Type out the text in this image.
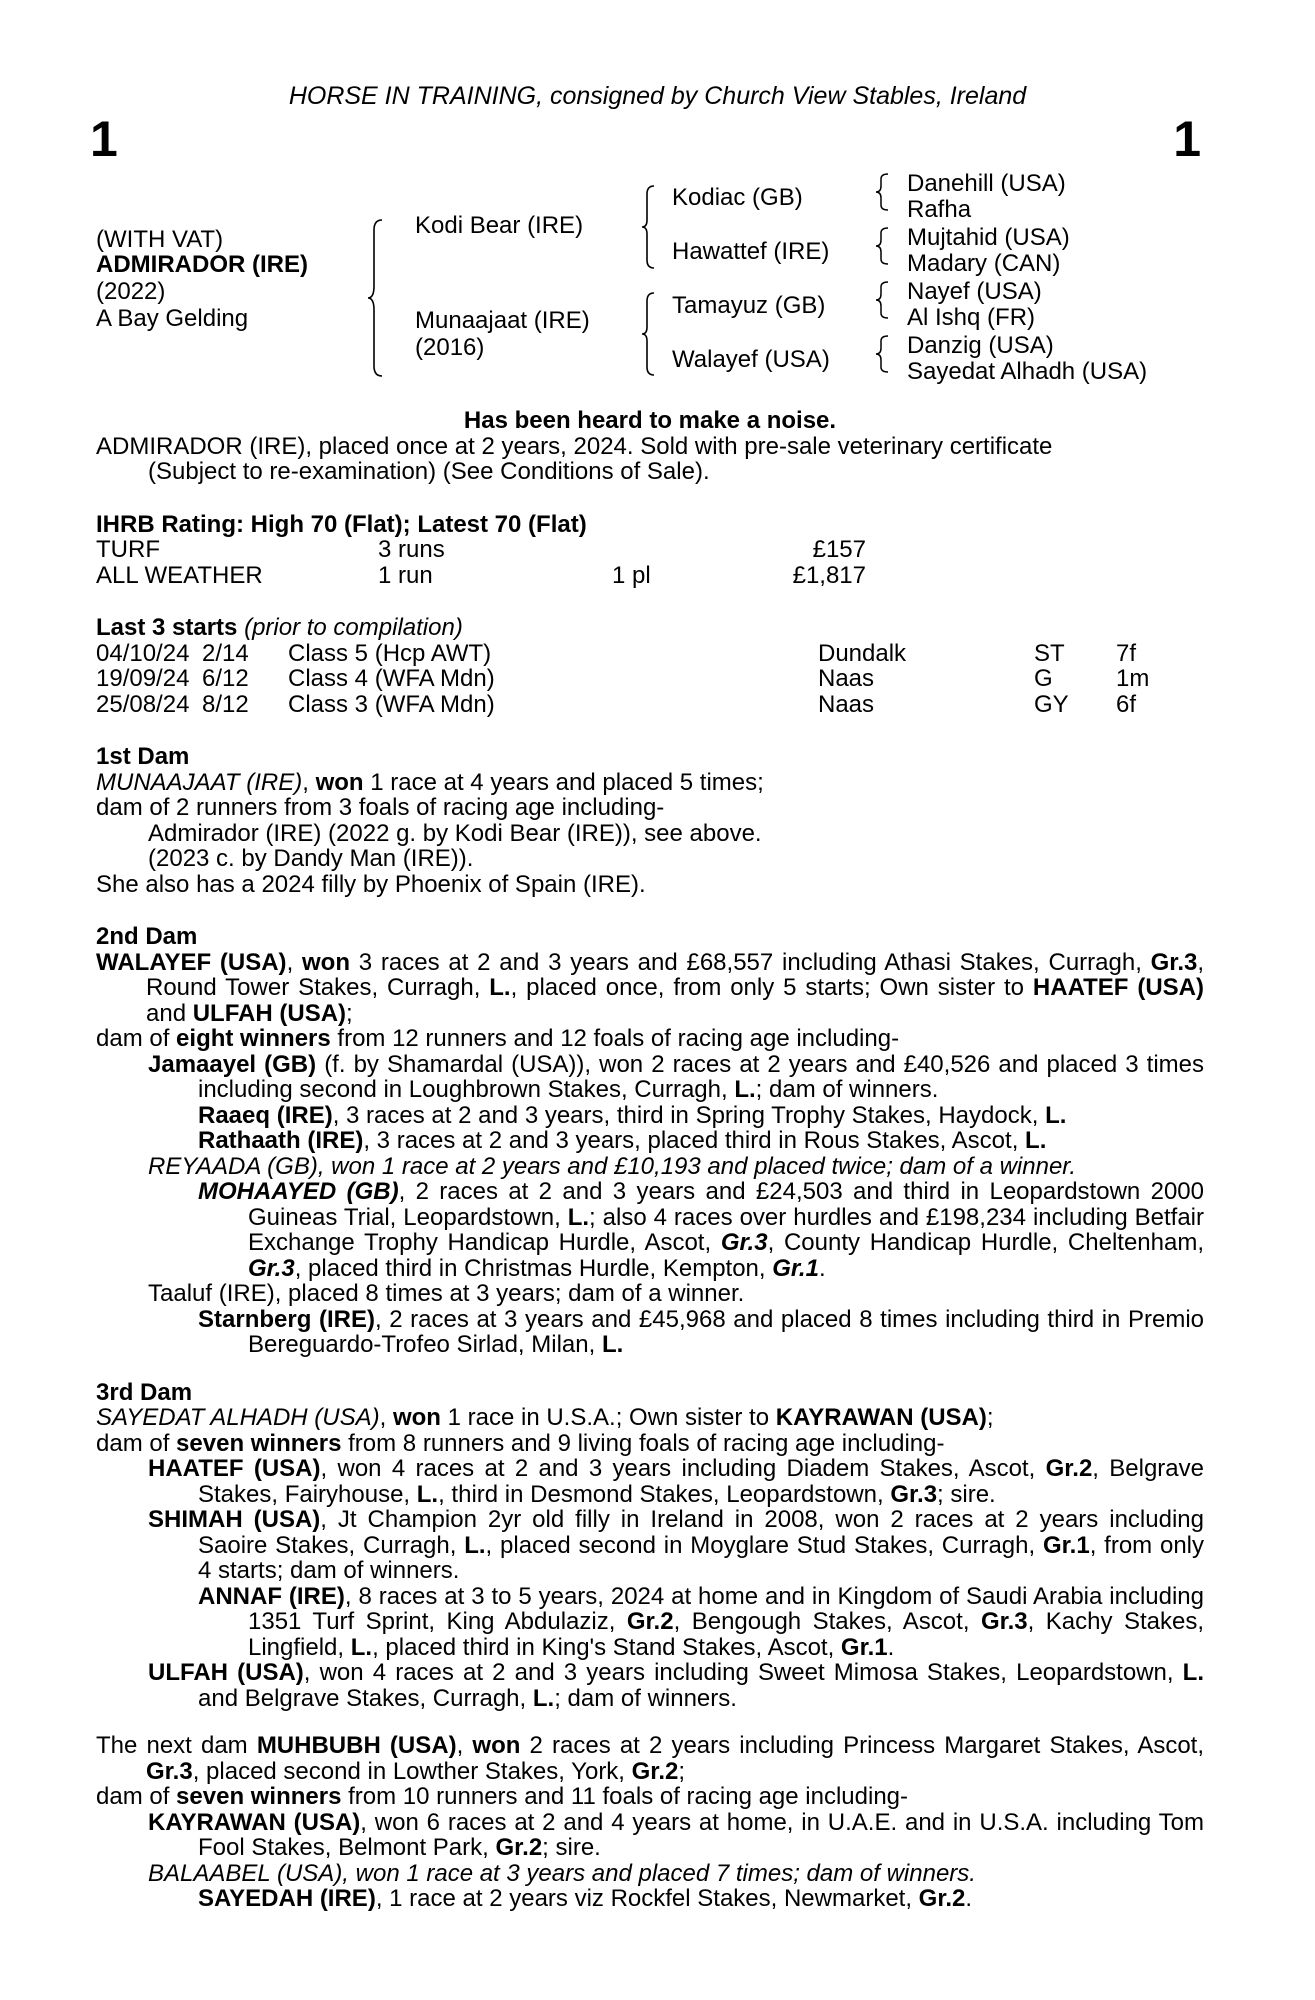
HORSE IN TRAINING, consigned by Church View Stables, Ireland
1	1
(WITH VAT)
ADMIRADOR (IRE)
(2022)
A Bay Gelding
Kodi Bear (IRE)
Munaajaat (IRE)
(2016)
Kodiac (GB)
Hawattef (IRE)
Tamayuz (GB)
Walayef (USA)
Danehill (USA)
Rafha
Mujtahid (USA)
Madary (CAN)
Nayef (USA)
Al Ishq (FR)
Danzig (USA)
Sayedat Alhadh (USA)

Has been heard to make a noise.

ADMIRADOR (IRE), placed once at 2 years, 2024. Sold with pre-sale veterinary certificate

(Subject to re-examination) (See Conditions of Sale).

IHRB Rating: High 70 (Flat); Latest 70 (Flat)

TURF	3 runs	£157
ALL WEATHER	1 run	1 pl	£1,817

Last 3 starts (prior to compilation)

04/10/24 2/14 Class 5 (Hcp AWT)	Dundalk	ST 7f
19/09/24 6/12 Class 4 (WFA Mdn)	Naas	G	1m
25/08/24 8/12 Class 3 (WFA Mdn)	Naas	GY 6f

1st Dam

MUNAAJAAT (IRE), won 1 race at 4 years and placed 5 times;

dam of 2 runners from 3 foals of racing age including-

Admirador (IRE) (2022 g. by Kodi Bear (IRE)), see above.

(2023 c. by Dandy Man (IRE)).

She also has a 2024 filly by Phoenix of Spain (IRE).

2nd Dam

WALAYEF (USA), won 3 races at 2 and 3 years and £68,557 including Athasi Stakes, Curragh, Gr.3, Round Tower Stakes, Curragh, L., placed once, from only 5 starts; Own sister to HAATEF (USA) and ULFAH (USA);

dam of eight winners from 12 runners and 12 foals of racing age including-

Jamaayel (GB) (f. by Shamardal (USA)), won 2 races at 2 years and £40,526 and placed 3 times including second in Loughbrown Stakes, Curragh, L.; dam of winners.

Raaeq (IRE), 3 races at 2 and 3 years, third in Spring Trophy Stakes, Haydock, L.

Rathaath (IRE), 3 races at 2 and 3 years, placed third in Rous Stakes, Ascot, L.

REYAADA (GB), won 1 race at 2 years and £10,193 and placed twice; dam of a winner.

MOHAAYED (GB), 2 races at 2 and 3 years and £24,503 and third in Leopardstown 2000 Guineas Trial, Leopardstown, L.; also 4 races over hurdles and £198,234 including Betfair Exchange Trophy Handicap Hurdle, Ascot, Gr.3, County Handicap Hurdle, Cheltenham, Gr.3, placed third in Christmas Hurdle, Kempton, Gr.1.

Taaluf (IRE), placed 8 times at 3 years; dam of a winner.

Starnberg (IRE), 2 races at 3 years and £45,968 and placed 8 times including third in Premio Bereguardo-Trofeo Sirlad, Milan, L.

3rd Dam

SAYEDAT ALHADH (USA), won 1 race in U.S.A.; Own sister to KAYRAWAN (USA);

dam of seven winners from 8 runners and 9 living foals of racing age including-

HAATEF (USA), won 4 races at 2 and 3 years including Diadem Stakes, Ascot, Gr.2, Belgrave Stakes, Fairyhouse, L., third in Desmond Stakes, Leopardstown, Gr.3; sire.

SHIMAH (USA), Jt Champion 2yr old filly in Ireland in 2008, won 2 races at 2 years including Saoire Stakes, Curragh, L., placed second in Moyglare Stud Stakes, Curragh, Gr.1, from only 4 starts; dam of winners.

ANNAF (IRE), 8 races at 3 to 5 years, 2024 at home and in Kingdom of Saudi Arabia including 1351 Turf Sprint, King Abdulaziz, Gr.2, Bengough Stakes, Ascot, Gr.3, Kachy Stakes, Lingfield, L., placed third in King's Stand Stakes, Ascot, Gr.1.

ULFAH (USA), won 4 races at 2 and 3 years including Sweet Mimosa Stakes, Leopardstown, L. and Belgrave Stakes, Curragh, L.; dam of winners.

The next dam MUHBUBH (USA), won 2 races at 2 years including Princess Margaret Stakes, Ascot, Gr.3, placed second in Lowther Stakes, York, Gr.2;

dam of seven winners from 10 runners and 11 foals of racing age including-

KAYRAWAN (USA), won 6 races at 2 and 4 years at home, in U.A.E. and in U.S.A. including Tom Fool Stakes, Belmont Park, Gr.2; sire.

BALAABEL (USA), won 1 race at 3 years and placed 7 times; dam of winners.

SAYEDAH (IRE), 1 race at 2 years viz Rockfel Stakes, Newmarket, Gr.2.
